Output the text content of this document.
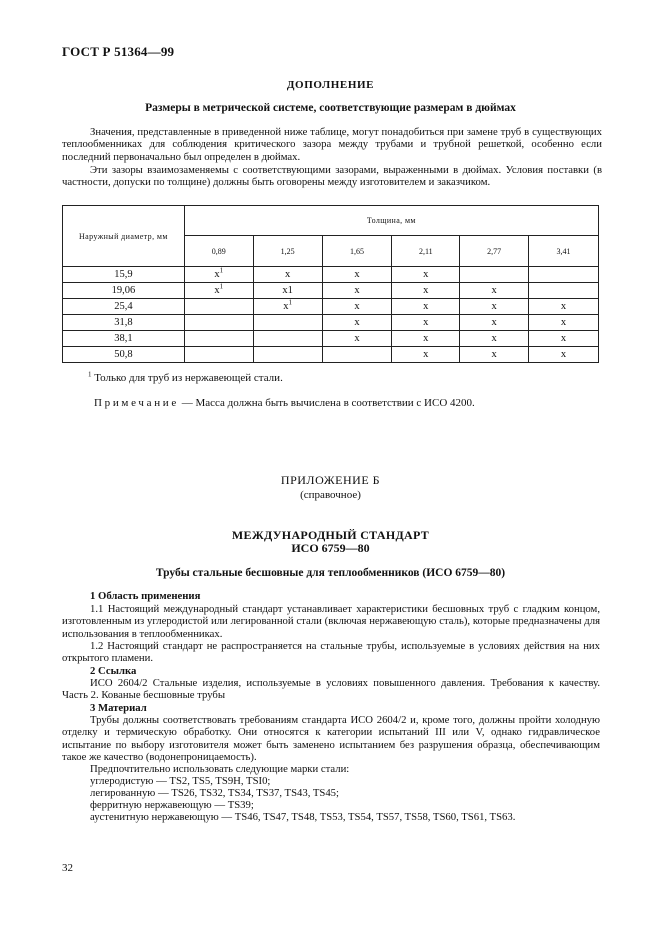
ГОСТ Р 51364—99
ДОПОЛНЕНИЕ
Размеры в метрической системе, соответствующие размерам в дюймах
Значения, представленные в приведенной ниже таблице, могут понадобиться при замене труб в существующих теплообменниках для соблюдения критического зазора между трубами и трубной решеткой, особенно если последний первоначально был определен в дюймах.
Эти зазоры взаимозаменяемы с соответствующими зазорами, выраженными в дюймах. Условия поставки (в частности, допуски по толщине) должны быть оговорены между изготовителем и заказчиком.
Наружный диаметр, мм	Толщина, мм					
	0,89	1,25	1,65	2,11	2,77	3,41
15,9	$x^1$	x	x	x		
19,06	$x^1$	x1	x	x	x	
25,4		$x^1$	x	x	x	x
31,8			x	x	x	x
38,1			x	x	x	x
50,8				x	x	x
$^1$ Только для труб из нержавеющей стали.
Примечание — Масса должна быть вычислена в соответствии с ИСО 4200.
ПРИЛОЖЕНИЕ Б
(справочное)
МЕЖДУНАРОДНЫЙ СТАНДАРТ
ИСО 6759—80
Трубы стальные бесшовные для теплообменников (ИСО 6759—80)
1 Область применения
1.1 Настоящий международный стандарт устанавливает характеристики бесшовных труб с гладким концом, изготовленным из углеродистой или легированной стали (включая нержавеющую сталь), которые предназначены для использования в теплообменниках.
1.2 Настоящий стандарт не распространяется на стальные трубы, используемые в условиях действия на них открытого пламени.
2 Ссылка
ИСО 2604/2 Стальные изделия, используемые в условиях повышенного давления. Требования к качеству. Часть 2. Кованые бесшовные трубы
3 Материал
Трубы должны соответствовать требованиям стандарта ИСО 2604/2 и, кроме того, должны пройти холодную отделку и термическую обработку. Они относятся к категории испытаний III или V, однако гидравлическое испытание по выбору изготовителя может быть заменено испытанием без разрушения образца, обеспечивающим такое же качество (водонепроницаемость).
Предпочтительно использовать следующие марки стали:
углеродистую — TS2, TS5, TS9H, TSI0;
легированную — TS26, TS32, TS34, TS37, TS43, TS45;
ферритную нержавеющую — TS39;
аустенитную нержавеющую — TS46, TS47, TS48, TS53, TS54, TS57, TS58, TS60, TS61, TS63.
32
